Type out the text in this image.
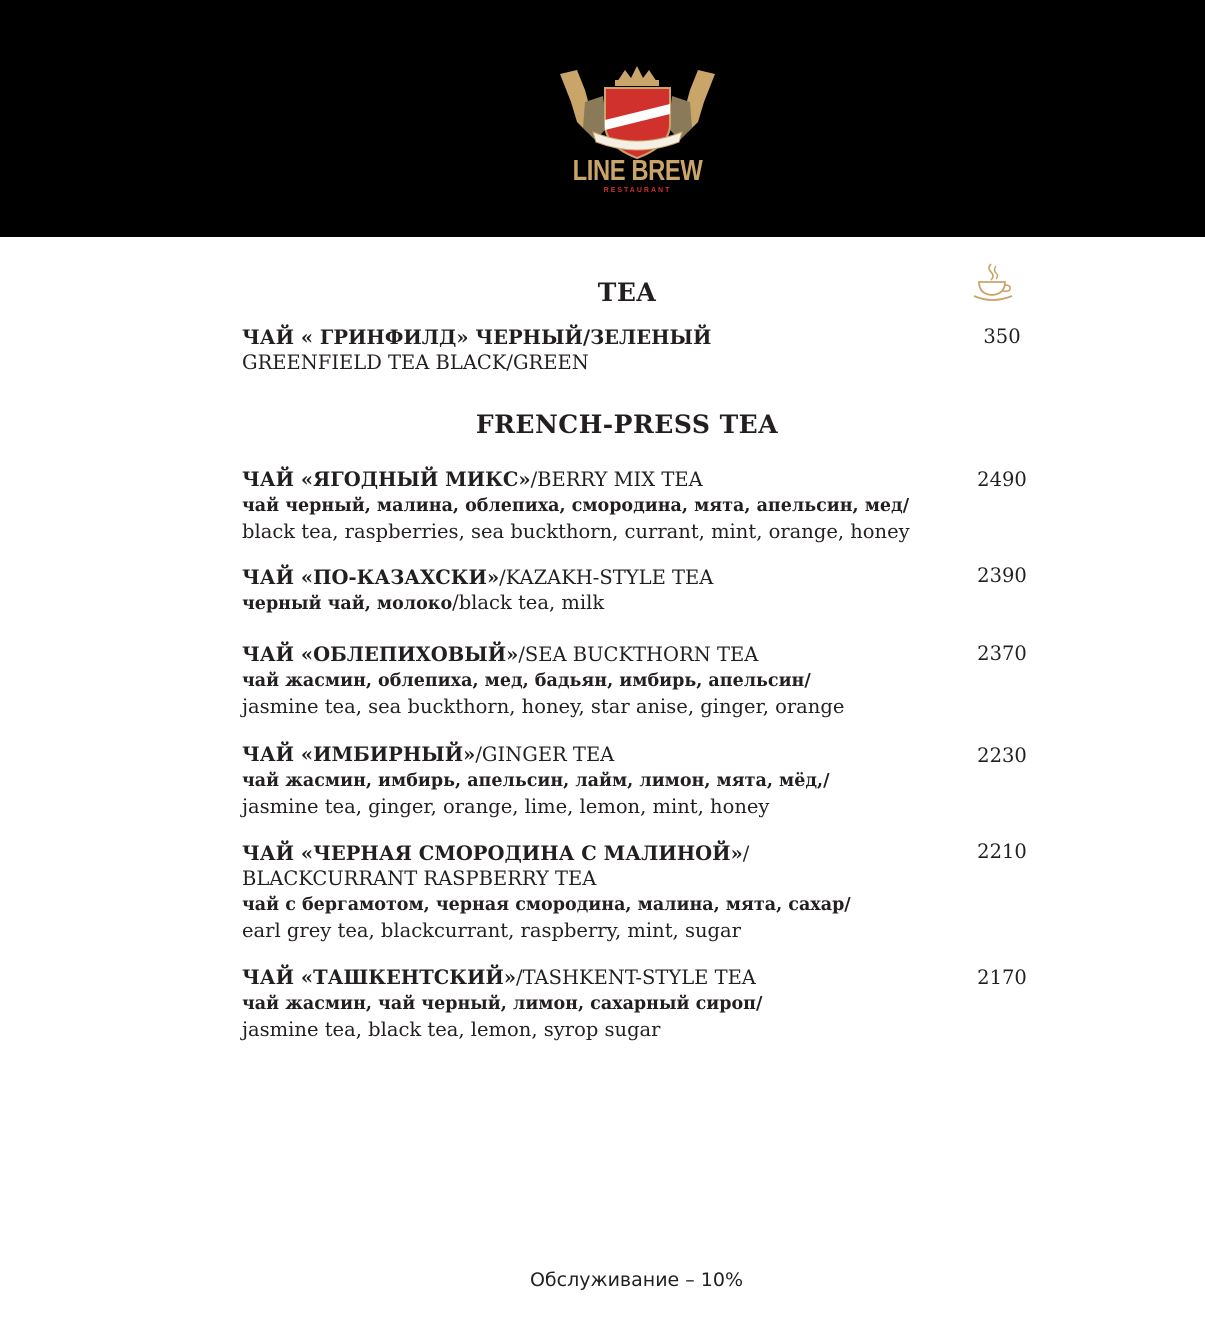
LINE BREW
RESTAURANT
TEA
ЧАЙ « ГРИНФИЛД» ЧЕРНЫЙ/ЗЕЛЕНЫЙ
GREENFIELD TEA BLACK/GREEN
350
FRENCH-PRESS TEA
ЧАЙ «ЯГОДНЫЙ МИКС»/BERRY MIX TEA
чай черный, малина, облепиха, смородина, мята, апельсин, мед/
black tea, raspberries, sea buckthorn, currant, mint, orange, honey
2490
ЧАЙ «ПО-КАЗАХСКИ»/KAZAKH-STYLE TEA
черный чай, молоко/black tea, milk
2390
ЧАЙ «ОБЛЕПИХОВЫЙ»/SEA BUCKTHORN TEA
чай жасмин, облепиха, мед, бадьян, имбирь, апельсин/
jasmine tea, sea buckthorn, honey, star anise, ginger, orange
2370
ЧАЙ «ИМБИРНЫЙ»/GINGER TEA
чай жасмин, имбирь, апельсин, лайм, лимон, мята, мёд,/
jasmine tea, ginger, orange, lime, lemon, mint, honey
2230
ЧАЙ «ЧЕРНАЯ СМОРОДИНА С МАЛИНОЙ»/
BLACKCURRANT RASPBERRY TEA
чай с бергамотом, черная смородина, малина, мята, сахар/
earl grey tea, blackcurrant, raspberry, mint, sugar
2210
ЧАЙ «ТАШКЕНТСКИЙ»/TASHKENT-STYLE TEA
чай жасмин, чай черный, лимон, сахарный сироп/
jasmine tea, black tea, lemon, syrop sugar
2170
Обслуживание – 10%
